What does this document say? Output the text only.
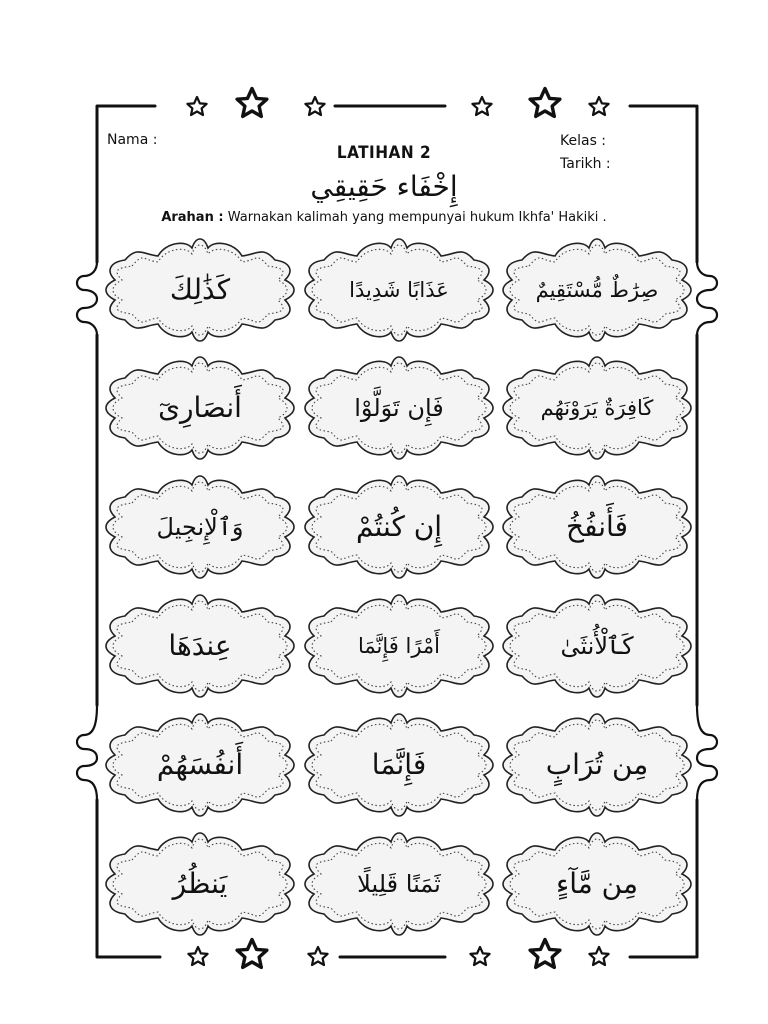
Nama :	Kelas :
Tarikh :
LATIHAN 2
إِخْفَاء حَقِيقِي
Arahan : Warnakan kalimah yang mempunyai hukum Ikhfa' Hakiki .
كَذَٰلِكَ	عَذَابًا شَدِيدًا	صِرَٰطٌ مُّسْتَقِيمٌ
أَنصَارِىٓ	فَإِن تَوَلَّوْا	كَافِرَةٌ يَرَوْنَهُم
وَٱلْإِنجِيلَ	إِن كُنتُمْ	فَأَنفُخُ
عِندَهَا	أَمْرًا فَإِنَّمَا	كَٱلْأُنثَىٰ
أَنفُسَهُمْ	فَإِنَّمَا	مِن تُرَابٍ
يَنظُرُ	ثَمَنًا قَلِيلًا	مِن مَّآءٍ
